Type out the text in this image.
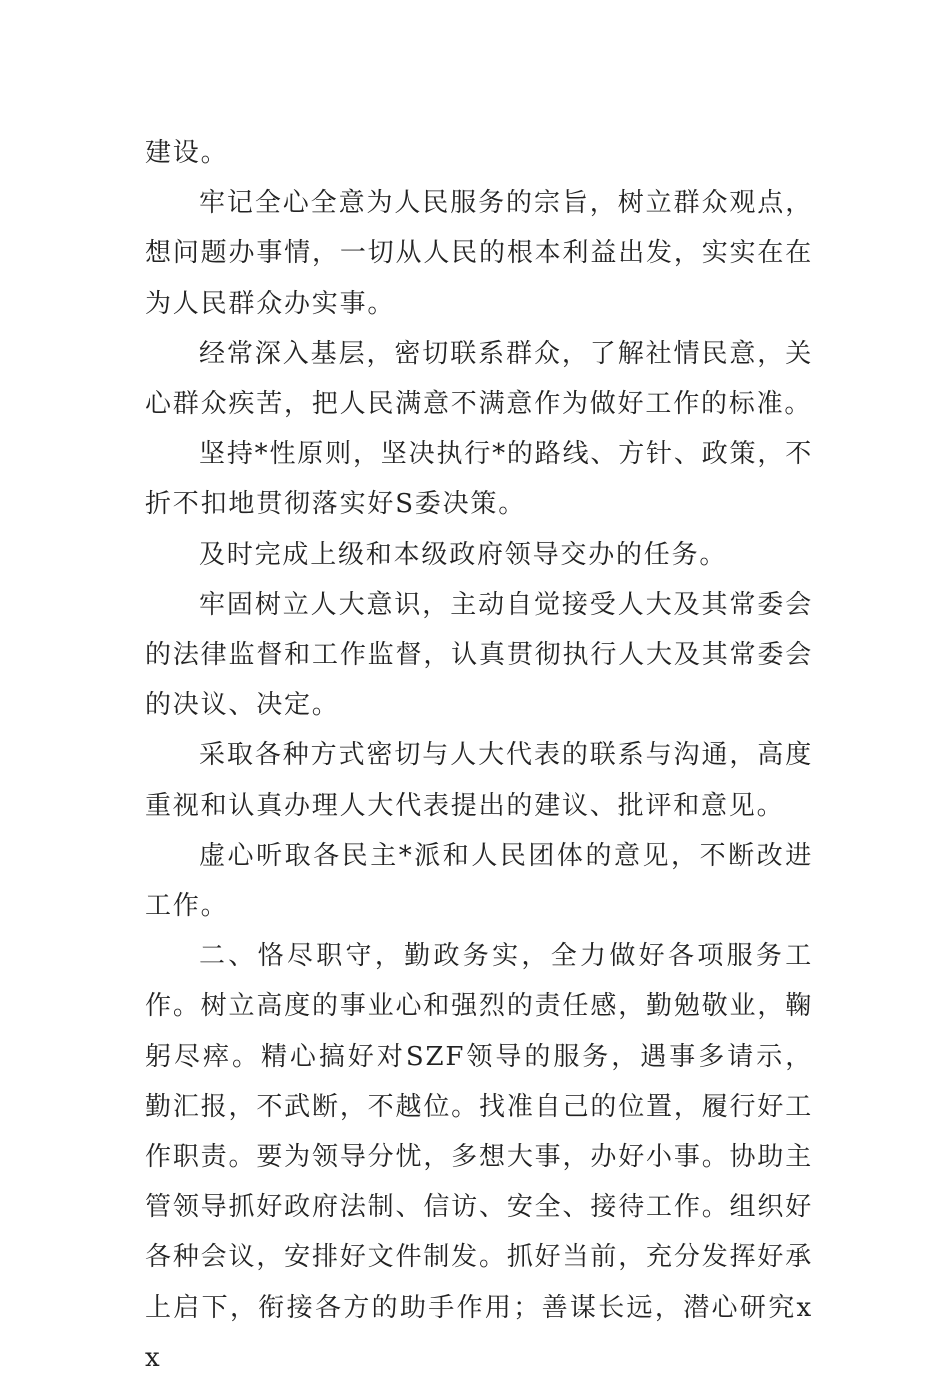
建设。

牢记全心全意为人民服务的宗旨，树立群众观点，想问题办事情，一切从人民的根本利益出发，实实在在为人民群众办实事。

经常深入基层，密切联系群众，了解社情民意，关心群众疾苦，把人民满意不满意作为做好工作的标准。

坚持*性原则，坚决执行*的路线、方针、政策，不折不扣地贯彻落实好S委决策。

及时完成上级和本级政府领导交办的任务。

牢固树立人大意识，主动自觉接受人大及其常委会的法律监督和工作监督，认真贯彻执行人大及其常委会的决议、决定。

采取各种方式密切与人大代表的联系与沟通，高度重视和认真办理人大代表提出的建议、批评和意见。

虚心听取各民主*派和人民团体的意见，不断改进工作。

二、恪尽职守，勤政务实，全力做好各项服务工作。树立高度的事业心和强烈的责任感，勤勉敬业，鞠躬尽瘁。精心搞好对SZF领导的服务，遇事多请示，勤汇报，不武断，不越位。找准自己的位置，履行好工作职责。要为领导分忧，多想大事，办好小事。协助主管领导抓好政府法制、信访、安全、接待工作。组织好各种会议，安排好文件制发。抓好当前，充分发挥好承上启下，衔接各方的助手作用；善谋长远，潜心研究xx
